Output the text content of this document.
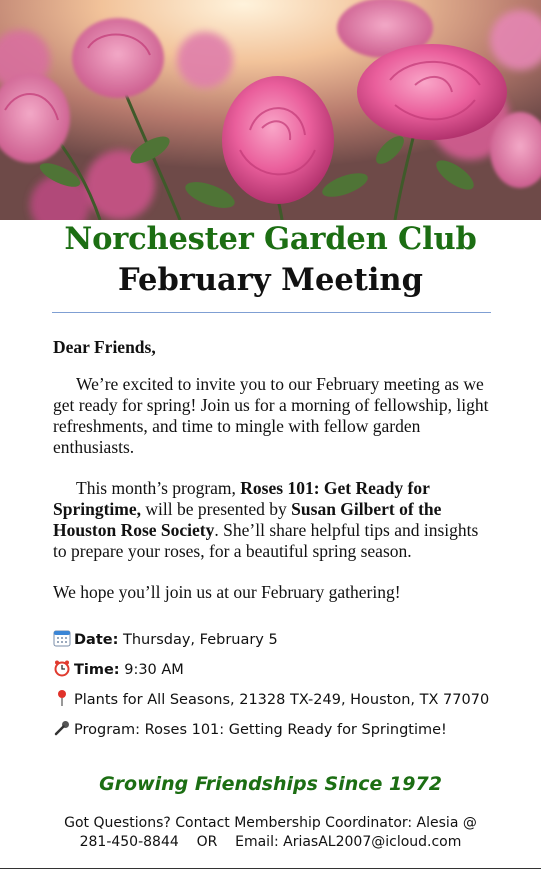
Norchester Garden Club
February Meeting

Dear Friends,

We’re excited to invite you to our February meeting as we get ready for spring! Join us for a morning of fellowship, light refreshments, and time to mingle with fellow garden enthusiasts.

This month’s program, Roses 101: Get Ready for Springtime, will be presented by Susan Gilbert of the Houston Rose Society. She’ll share helpful tips and insights to prepare your roses, for a beautiful spring season.

We hope you’ll join us at our February gathering!

Date: Thursday, February 5
Time: 9:30 AM
Plants for All Seasons, 21328 TX-249, Houston, TX 77070
Program: Roses 101: Getting Ready for Springtime!
Growing Friendships Since 1972
Got Questions? Contact Membership Coordinator: Alesia @
281-450-8844    OR    Email: AriasAL2007@icloud.com
